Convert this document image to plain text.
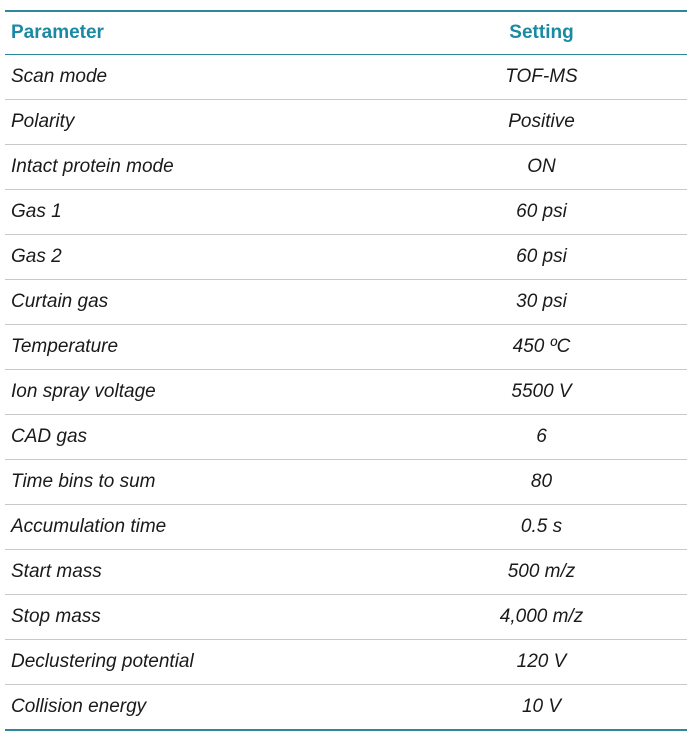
Parameter	Setting
Scan mode	TOF-MS
Polarity	Positive
Intact protein mode	ON
Gas 1	60 psi
Gas 2	60 psi
Curtain gas	30 psi
Temperature	450 ºC
Ion spray voltage	5500 V
CAD gas	6
Time bins to sum	80
Accumulation time	0.5 s
Start mass	500 m/z
Stop mass	4,000 m/z
Declustering potential	120 V
Collision energy	10 V
